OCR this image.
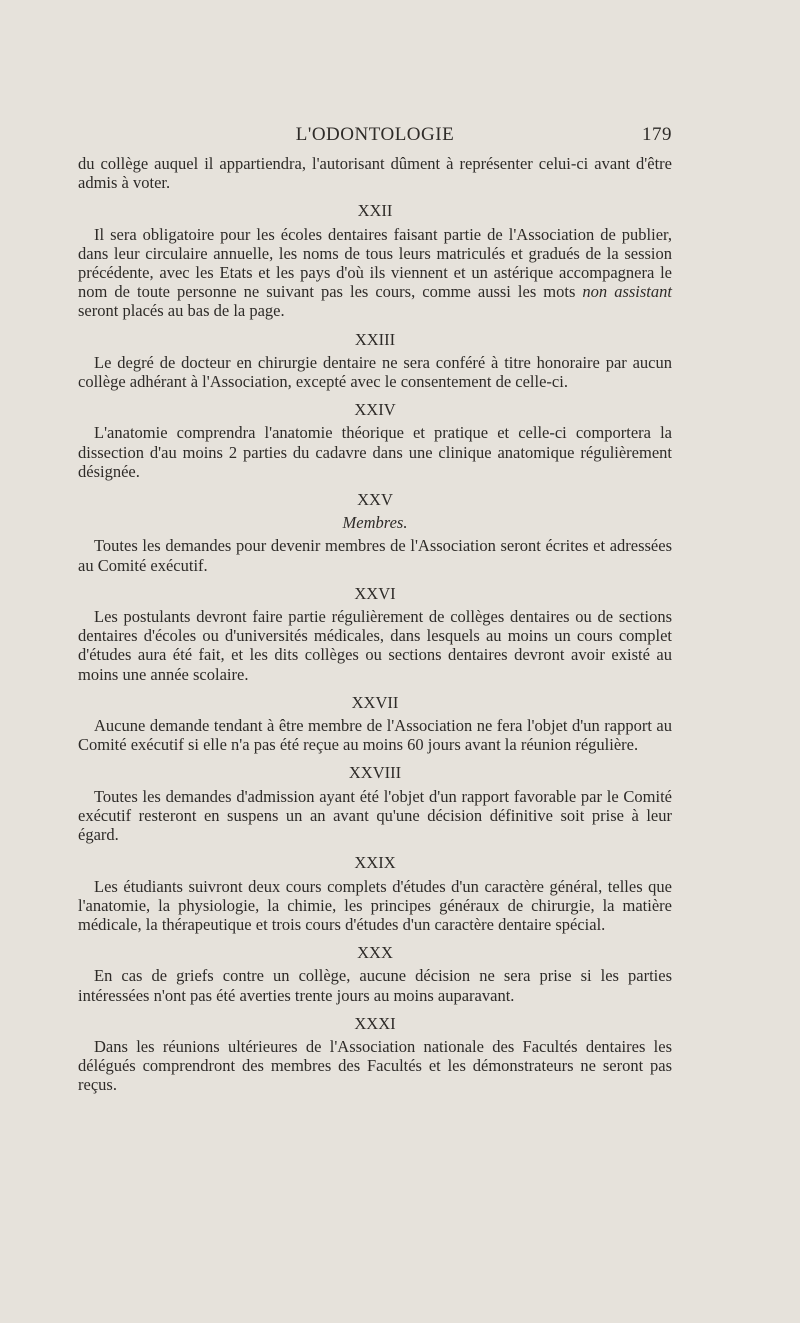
L'ODONTOLOGIE	179

du collège auquel il appartiendra, l'autorisant dûment à représenter celui-ci avant d'être admis à voter.

XXII

Il sera obligatoire pour les écoles dentaires faisant partie de l'Association de publier, dans leur circulaire annuelle, les noms de tous leurs matriculés et gradués de la session précédente, avec les Etats et les pays d'où ils viennent et un astérique accompagnera le nom de toute personne ne suivant pas les cours, comme aussi les mots non assistant seront placés au bas de la page.

XXIII

Le degré de docteur en chirurgie dentaire ne sera conféré à titre honoraire par aucun collège adhérant à l'Association, excepté avec le consentement de celle-ci.

XXIV

L'anatomie comprendra l'anatomie théorique et pratique et celle-ci comportera la dissection d'au moins 2 parties du cadavre dans une clinique anatomique régulièrement désignée.

XXV
Membres.

Toutes les demandes pour devenir membres de l'Association seront écrites et adressées au Comité exécutif.

XXVI

Les postulants devront faire partie régulièrement de collèges dentaires ou de sections dentaires d'écoles ou d'universités médicales, dans lesquels au moins un cours complet d'études aura été fait, et les dits collèges ou sections dentaires devront avoir existé au moins une année scolaire.

XXVII

Aucune demande tendant à être membre de l'Association ne fera l'objet d'un rapport au Comité exécutif si elle n'a pas été reçue au moins 60 jours avant la réunion régulière.

XXVIII

Toutes les demandes d'admission ayant été l'objet d'un rapport favorable par le Comité exécutif resteront en suspens un an avant qu'une décision définitive soit prise à leur égard.

XXIX

Les étudiants suivront deux cours complets d'études d'un caractère général, telles que l'anatomie, la physiologie, la chimie, les principes généraux de chirurgie, la matière médicale, la thérapeutique et trois cours d'études d'un caractère dentaire spécial.

XXX

En cas de griefs contre un collège, aucune décision ne sera prise si les parties intéressées n'ont pas été averties trente jours au moins auparavant.

XXXI

Dans les réunions ultérieures de l'Association nationale des Facultés dentaires les délégués comprendront des membres des Facultés et les démonstrateurs ne seront pas reçus.
